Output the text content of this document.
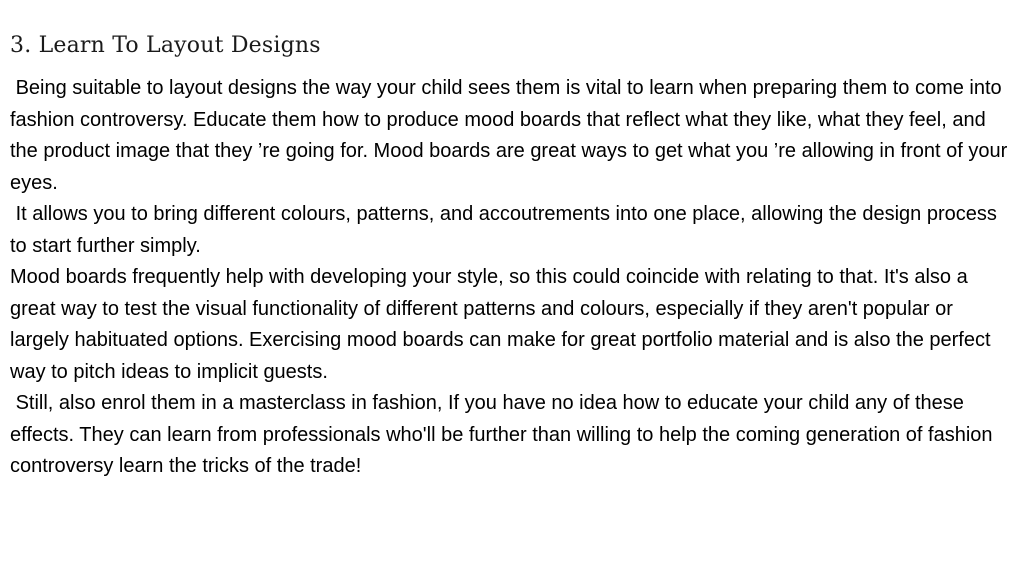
3. Learn To Layout Designs
Being suitable to layout designs the way your child sees them is vital to learn when preparing them to come into fashion controversy. Educate them how to produce mood boards that reflect what they like, what they feel, and the product image that they ’re going for. Mood boards are great ways to get what you ’re allowing in front of your eyes.
It allows you to bring different colours, patterns, and accoutrements into one place, allowing the design process to start further simply.
Mood boards frequently help with developing your style, so this could coincide with relating to that. It's also a great way to test the visual functionality of different patterns and colours, especially if they aren't popular or largely habituated options. Exercising mood boards can make for great portfolio material and is also the perfect way to pitch ideas to implicit guests.
Still, also enrol them in a masterclass in fashion, If you have no idea how to educate your child any of these effects. They can learn from professionals who'll be further than willing to help the coming generation of fashion controversy learn the tricks of the trade!
